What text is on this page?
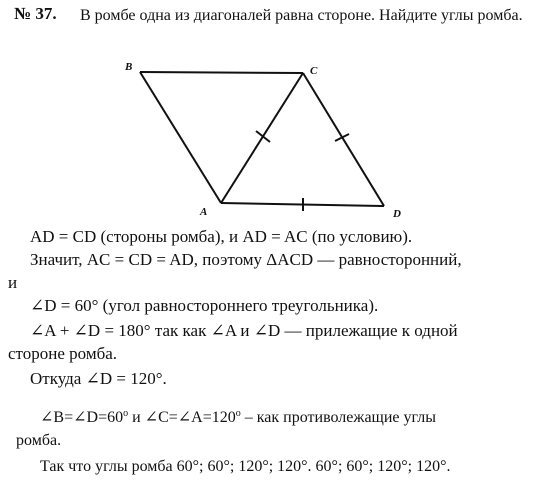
№ 37. В ромбе одна из диагоналей равна стороне. Найдите углы ромба.
B	C
A	D
AD = CD (стороны ромба), и AD = AC (по условию).
Значит, AC = CD = AD, поэтому ΔACD — равносторонний,
и
∠D = 60° (угол равностороннего треугольника).
∠A + ∠D = 180° так как ∠A и ∠D — прилежащие к одной
стороне ромба.
Откуда ∠D = 120°.
$\angle B=\angle D=60^o$ и $\angle C=\angle A=120^o$ – как противолежащие углы
ромба.
Так что углы ромба 60°; 60°; 120°; 120°. 60°; 60°; 120°; 120°.
